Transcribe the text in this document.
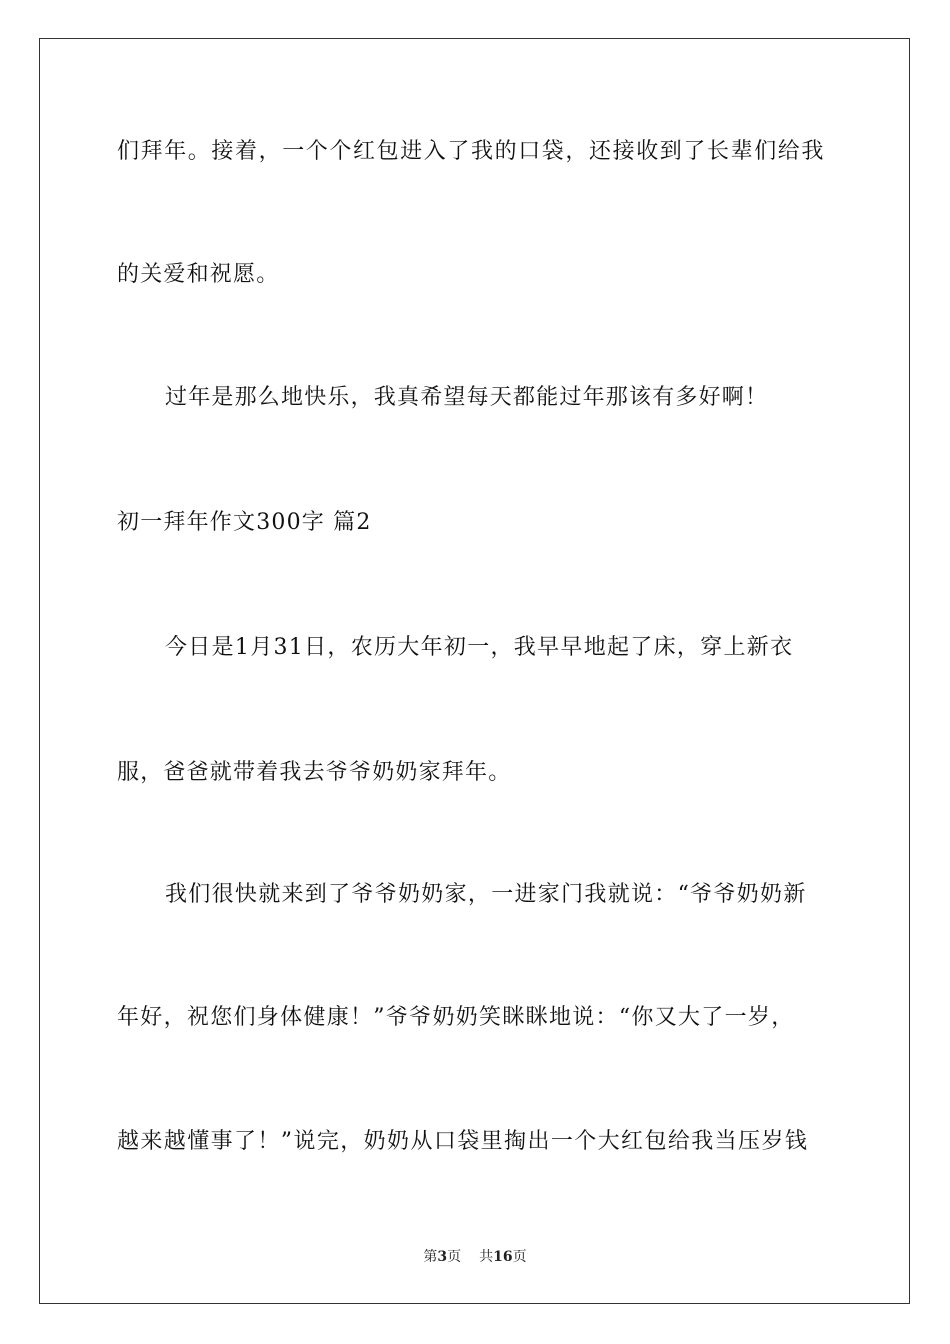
们拜年。接着，一个个红包进入了我的口袋，还接收到了长辈们给我
的关爱和祝愿。
过年是那么地快乐，我真希望每天都能过年那该有多好啊！
初一拜年作文300字 篇2
今日是1月31日，农历大年初一，我早早地起了床，穿上新衣
服，爸爸就带着我去爷爷奶奶家拜年。
我们很快就来到了爷爷奶奶家，一进家门我就说：“爷爷奶奶新
年好，祝您们身体健康！”爷爷奶奶笑眯眯地说：“你又大了一岁，
越来越懂事了！”说完，奶奶从口袋里掏出一个大红包给我当压岁钱
第3页 共16页
